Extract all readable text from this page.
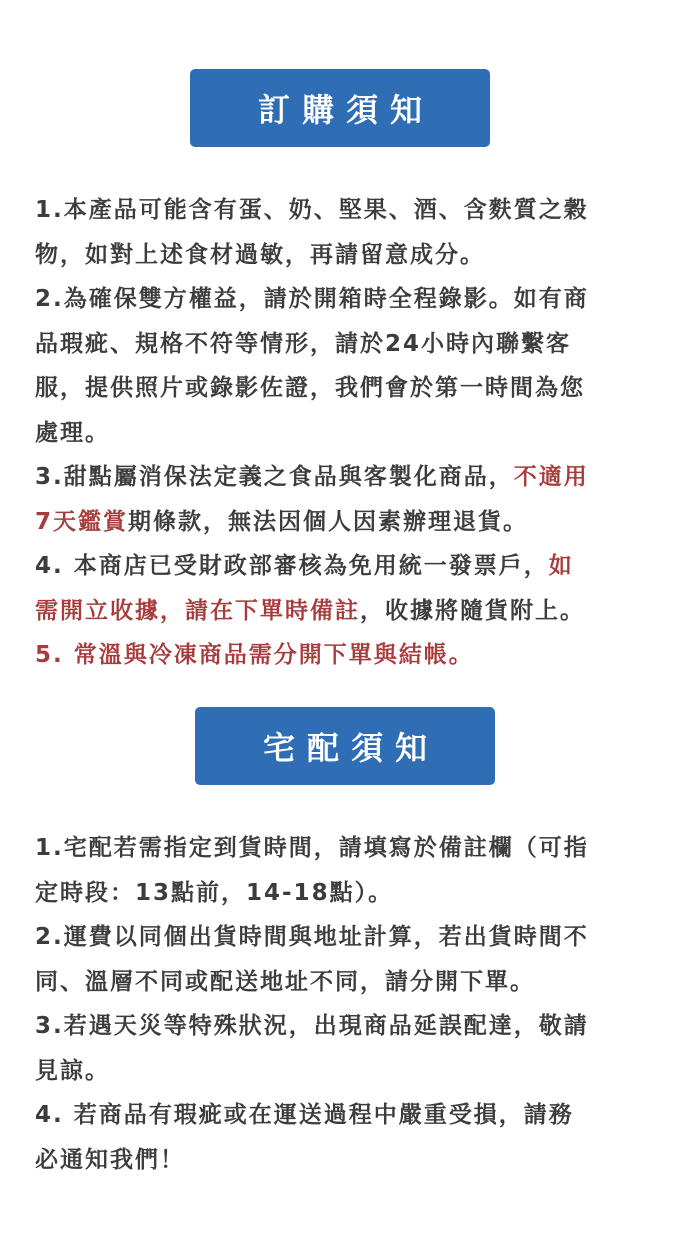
訂購須知
1.本產品可能含有蛋、奶、堅果、酒、含麩質之穀
物，如對上述食材過敏，再請留意成分。
2.為確保雙方權益，請於開箱時全程錄影。如有商
品瑕疵、規格不符等情形，請於24小時內聯繫客
服，提供照片或錄影佐證，我們會於第一時間為您
處理。
3.甜點屬消保法定義之食品與客製化商品，不適用
7天鑑賞期條款，無法因個人因素辦理退貨。
4. 本商店已受財政部審核為免用統一發票戶，如
需開立收據，請在下單時備註，收據將隨貨附上。
5. 常溫與冷凍商品需分開下單與結帳。
宅配須知
1.宅配若需指定到貨時間，請填寫於備註欄（可指
定時段：13點前，14-18點）。
2.運費以同個出貨時間與地址計算，若出貨時間不
同、溫層不同或配送地址不同，請分開下單。
3.若遇天災等特殊狀況，出現商品延誤配達，敬請
見諒。
4. 若商品有瑕疵或在運送過程中嚴重受損，請務
必通知我們！
